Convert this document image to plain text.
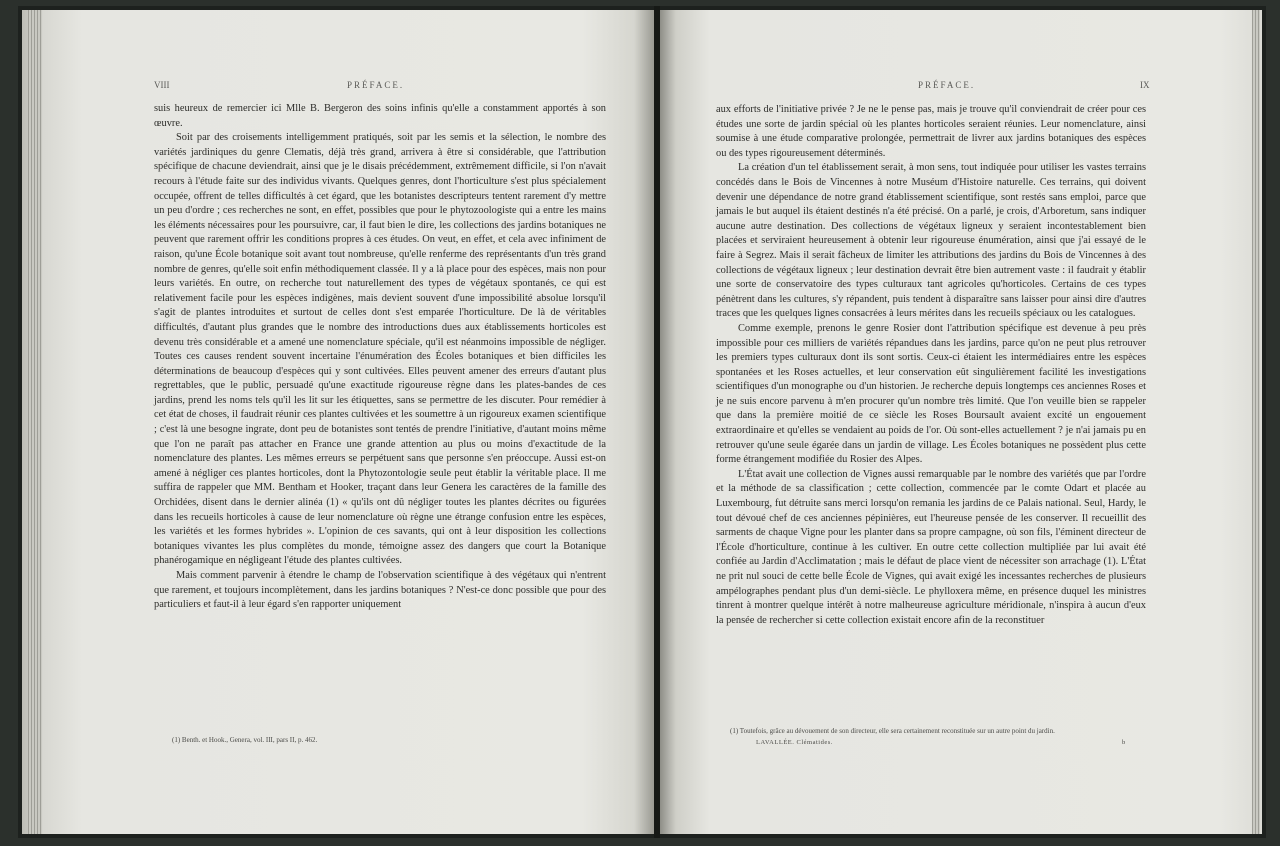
VIII	PRÉFACE.

suis heureux de remercier ici Mlle B. Bergeron des soins infinis qu'elle a constamment apportés à son œuvre.

Soit par des croisements intelligemment pratiqués, soit par les semis et la sélection, le nombre des variétés jardiniques du genre Clematis, déjà très grand, arrivera à être si considérable, que l'attribution spécifique de chacune deviendrait, ainsi que je le disais précédemment, extrêmement difficile, si l'on n'avait recours à l'étude faite sur des individus vivants. Quelques genres, dont l'horticulture s'est plus spécialement occupée, offrent de telles difficultés à cet égard, que les botanistes descripteurs tentent rarement d'y mettre un peu d'ordre ; ces recherches ne sont, en effet, possibles que pour le phytozoologiste qui a entre les mains les éléments nécessaires pour les poursuivre, car, il faut bien le dire, les collections des jardins botaniques ne peuvent que rarement offrir les conditions propres à ces études. On veut, en effet, et cela avec infiniment de raison, qu'une École botanique soit avant tout nombreuse, qu'elle renferme des représentants d'un très grand nombre de genres, qu'elle soit enfin méthodiquement classée. Il y a là place pour des espèces, mais non pour leurs variétés. En outre, on recherche tout naturellement des types de végétaux spontanés, ce qui est relativement facile pour les espèces indigènes, mais devient souvent d'une impossibilité absolue lorsqu'il s'agit de plantes introduites et surtout de celles dont s'est emparée l'horticulture. De là de véritables difficultés, d'autant plus grandes que le nombre des introductions dues aux établissements horticoles est devenu très considérable et a amené une nomenclature spéciale, qu'il est néanmoins impossible de négliger. Toutes ces causes rendent souvent incertaine l'énumération des Écoles botaniques et bien difficiles les déterminations de beaucoup d'espèces qui y sont cultivées. Elles peuvent amener des erreurs d'autant plus regrettables, que le public, persuadé qu'une exactitude rigoureuse règne dans les plates-bandes de ces jardins, prend les noms tels qu'il les lit sur les étiquettes, sans se permettre de les discuter. Pour remédier à cet état de choses, il faudrait réunir ces plantes cultivées et les soumettre à un rigoureux examen scientifique ; c'est là une besogne ingrate, dont peu de botanistes sont tentés de prendre l'initiative, d'autant moins même que l'on ne paraît pas attacher en France une grande attention au plus ou moins d'exactitude de la nomenclature des plantes. Les mêmes erreurs se perpétuent sans que personne s'en préoccupe. Aussi est-on amené à négliger ces plantes horticoles, dont la Phytozontologie seule peut établir la véritable place. Il me suffira de rappeler que MM. Bentham et Hooker, traçant dans leur Genera les caractères de la famille des Orchidées, disent dans le dernier alinéa (1) « qu'ils ont dû négliger toutes les plantes décrites ou figurées dans les recueils horticoles à cause de leur nomenclature où règne une étrange confusion entre les espèces, les variétés et les formes hybrides ». L'opinion de ces savants, qui ont à leur disposition les collections botaniques vivantes les plus complètes du monde, témoigne assez des dangers que court la Botanique phanérogamique en négligeant l'étude des plantes cultivées.

Mais comment parvenir à étendre le champ de l'observation scientifique à des végétaux qui n'entrent que rarement, et toujours incomplètement, dans les jardins botaniques ? N'est-ce donc possible que pour des particuliers et faut-il à leur égard s'en rapporter uniquement

(1) Benth. et Hook., Genera, vol. III, pars II, p. 462.
PRÉFACE.	IX

aux efforts de l'initiative privée ? Je ne le pense pas, mais je trouve qu'il conviendrait de créer pour ces études une sorte de jardin spécial où les plantes horticoles seraient réunies. Leur nomenclature, ainsi soumise à une étude comparative prolongée, permettrait de livrer aux jardins botaniques des espèces ou des types rigoureusement déterminés.

La création d'un tel établissement serait, à mon sens, tout indiquée pour utiliser les vastes terrains concédés dans le Bois de Vincennes à notre Muséum d'Histoire naturelle. Ces terrains, qui doivent devenir une dépendance de notre grand établissement scientifique, sont restés sans emploi, parce que jamais le but auquel ils étaient destinés n'a été précisé. On a parlé, je crois, d'Arboretum, sans indiquer aucune autre destination. Des collections de végétaux ligneux y seraient incontestablement bien placées et serviraient heureusement à obtenir leur rigoureuse énumération, ainsi que j'ai essayé de le faire à Segrez. Mais il serait fâcheux de limiter les attributions des jardins du Bois de Vincennes à des collections de végétaux ligneux ; leur destination devrait être bien autrement vaste : il faudrait y établir une sorte de conservatoire des types culturaux tant agricoles qu'horticoles. Certains de ces types pénètrent dans les cultures, s'y répandent, puis tendent à disparaître sans laisser pour ainsi dire d'autres traces que les quelques lignes consacrées à leurs mérites dans les recueils spéciaux ou les catalogues.

Comme exemple, prenons le genre Rosier dont l'attribution spécifique est devenue à peu près impossible pour ces milliers de variétés répandues dans les jardins, parce qu'on ne peut plus retrouver les premiers types culturaux dont ils sont sortis. Ceux-ci étaient les intermédiaires entre les espèces spontanées et les Roses actuelles, et leur conservation eût singulièrement facilité les investigations scientifiques d'un monographe ou d'un historien. Je recherche depuis longtemps ces anciennes Roses et je ne suis encore parvenu à m'en procurer qu'un nombre très limité. Que l'on veuille bien se rappeler que dans la première moitié de ce siècle les Roses Boursault avaient excité un engouement extraordinaire et qu'elles se vendaient au poids de l'or. Où sont-elles actuellement ? je n'ai jamais pu en retrouver qu'une seule égarée dans un jardin de village. Les Écoles botaniques ne possèdent plus cette forme étrangement modifiée du Rosier des Alpes.

L'État avait une collection de Vignes aussi remarquable par le nombre des variétés que par l'ordre et la méthode de sa classification ; cette collection, commencée par le comte Odart et placée au Luxembourg, fut détruite sans merci lorsqu'on remania les jardins de ce Palais national. Seul, Hardy, le tout dévoué chef de ces anciennes pépinières, eut l'heureuse pensée de les conserver. Il recueillit des sarments de chaque Vigne pour les planter dans sa propre campagne, où son fils, l'éminent directeur de l'École d'horticulture, continue à les cultiver. En outre cette collection multipliée par lui avait été confiée au Jardin d'Acclimatation ; mais le défaut de place vient de nécessiter son arrachage (1). L'État ne prit nul souci de cette belle École de Vignes, qui avait exigé les incessantes recherches de plusieurs ampélographes pendant plus d'un demi-siècle. Le phylloxera même, en présence duquel les ministres tinrent à montrer quelque intérêt à notre malheureuse agriculture méridionale, n'inspira à aucun d'eux la pensée de rechercher si cette collection existait encore afin de la reconstituer

(1) Toutefois, grâce au dévouement de son directeur, elle sera certainement reconstituée sur un autre point du jardin.
LAVALLÉE. Clématides.	b
